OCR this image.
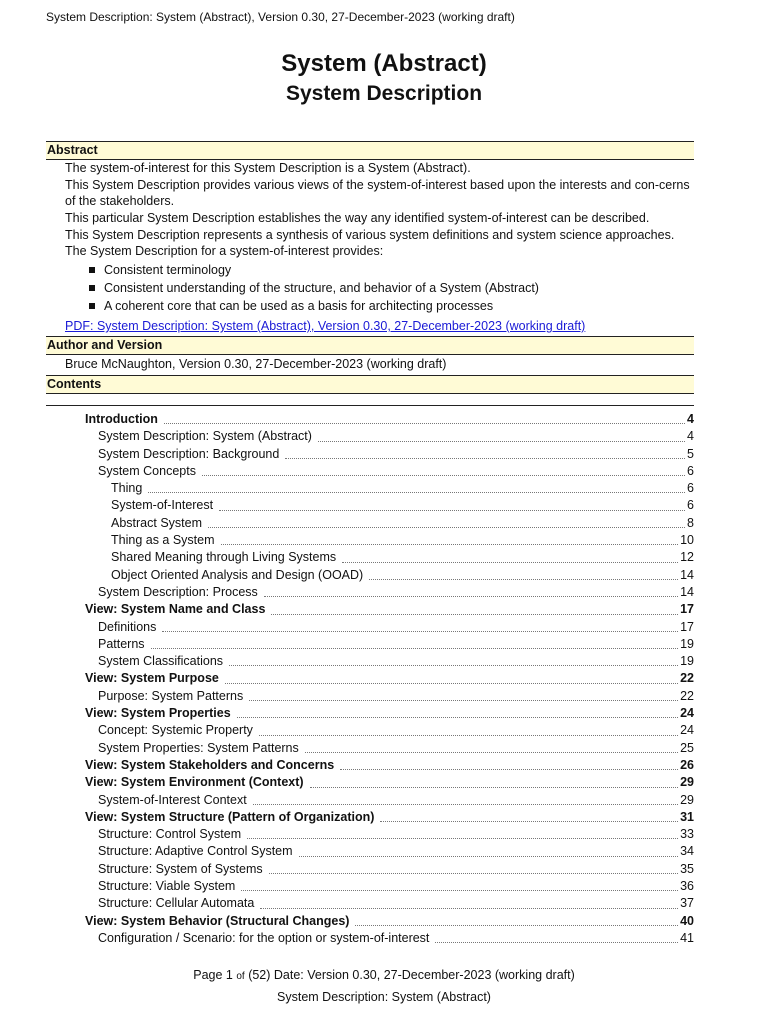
System Description: System (Abstract), Version 0.30, 27-December-2023 (working draft)
System (Abstract)
System Description
Abstract

The system-of-interest for this System Description is a System (Abstract).

This System Description provides various views of the system-of-interest based upon the interests and con-cerns of the stakeholders.

This particular System Description establishes the way any identified system-of-interest can be described.

This System Description represents a synthesis of various system definitions and system science approaches.

The System Description for a system-of-interest provides:

Consistent terminology
Consistent understanding of the structure, and behavior of a System (Abstract)
A coherent core that can be used as a basis for architecting processes
PDF: System Description: System (Abstract), Version 0.30, 27-December-2023 (working draft)
Author and Version
Bruce McNaughton, Version 0.30, 27-December-2023 (working draft)
Contents
Introduction	4
System Description: System (Abstract)	4
System Description: Background	5
System Concepts	6
Thing	6
System-of-Interest	6
Abstract System	8
Thing as a System	10
Shared Meaning through Living Systems	12
Object Oriented Analysis and Design (OOAD)	14
System Description: Process	14
View: System Name and Class	17
Definitions	17
Patterns	19
System Classifications	19
View: System Purpose	22
Purpose: System Patterns	22
View: System Properties	24
Concept: Systemic Property	24
System Properties: System Patterns	25
View: System Stakeholders and Concerns	26
View: System Environment (Context)	29
System-of-Interest Context	29
View: System Structure (Pattern of Organization)	31
Structure: Control System	33
Structure: Adaptive Control System	34
Structure: System of Systems	35
Structure: Viable System	36
Structure: Cellular Automata	37
View: System Behavior (Structural Changes)	40
Configuration / Scenario: for the option or system-of-interest	41
Page 1 of (52) Date: Version 0.30, 27-December-2023 (working draft)
System Description: System (Abstract)
